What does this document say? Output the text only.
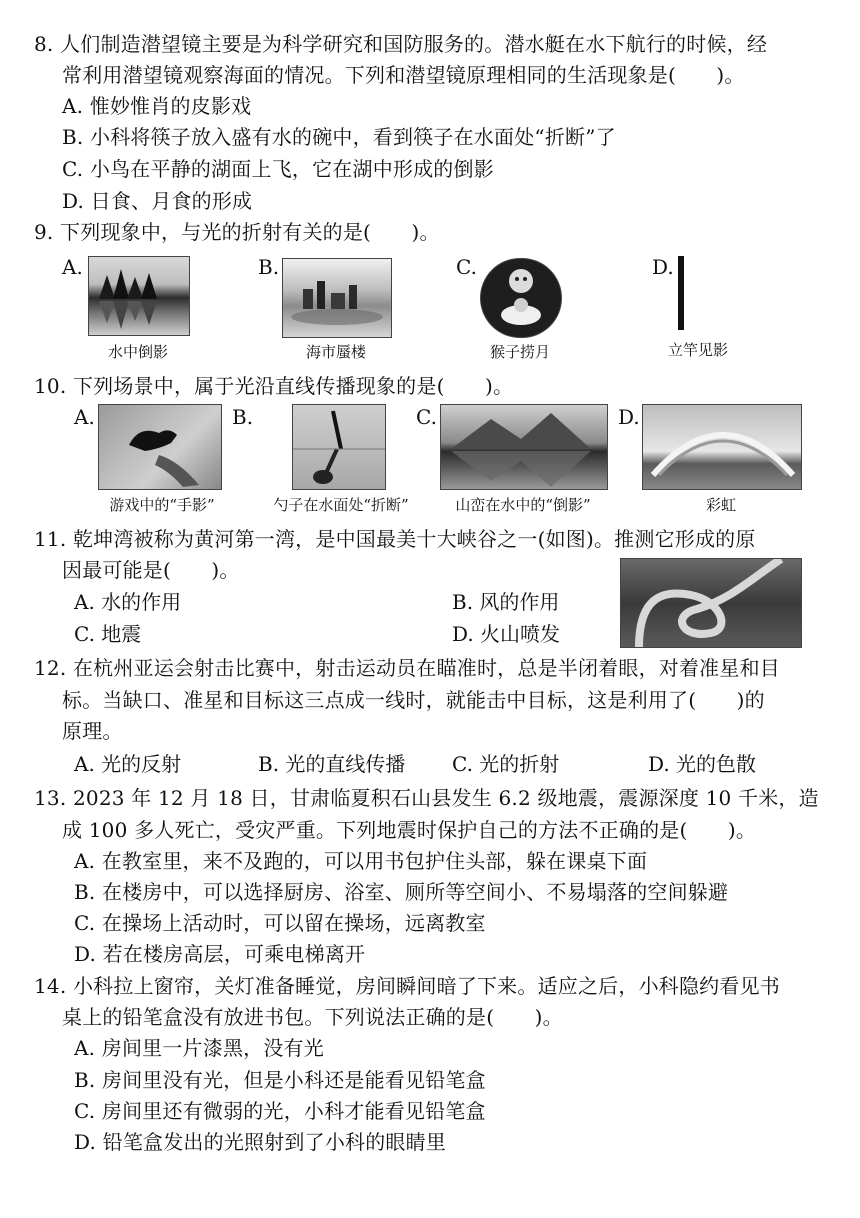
8. 人们制造潜望镜主要是为科学研究和国防服务的。潜水艇在水下航行的时候，经
常利用潜望镜观察海面的情况。下列和潜望镜原理相同的生活现象是(　　)。
A. 惟妙惟肖的皮影戏
B. 小科将筷子放入盛有水的碗中，看到筷子在水面处“折断”了
C. 小鸟在平静的湖面上飞，它在湖中形成的倒影
D. 日食、月食的形成
9. 下列现象中，与光的折射有关的是(　　)。
A.
水中倒影
B.
海市蜃楼
C.
猴子捞月
D.
立竿见影
10. 下列场景中，属于光沿直线传播现象的是(　　)。
A.
游戏中的“手影”
B.
勺子在水面处“折断”
C.
山峦在水中的“倒影”
D.
彩虹
11. 乾坤湾被称为黄河第一湾，是中国最美十大峡谷之一(如图)。推测它形成的原
因最可能是(　　)。
A. 水的作用	B. 风的作用
C. 地震	D. 火山喷发
12. 在杭州亚运会射击比赛中，射击运动员在瞄准时，总是半闭着眼，对着准星和目
标。当缺口、准星和目标这三点成一线时，就能击中目标，这是利用了(　　)的
原理。
A. 光的反射	B. 光的直线传播 C. 光的折射	D. 光的色散
13. 2023 年 12 月 18 日，甘肃临夏积石山县发生 6.2 级地震，震源深度 10 千米，造
成 100 多人死亡，受灾严重。下列地震时保护自己的方法不正确的是(　　)。
A. 在教室里，来不及跑的，可以用书包护住头部，躲在课桌下面
B. 在楼房中，可以选择厨房、浴室、厕所等空间小、不易塌落的空间躲避
C. 在操场上活动时，可以留在操场，远离教室
D. 若在楼房高层，可乘电梯离开
14. 小科拉上窗帘，关灯准备睡觉，房间瞬间暗了下来。适应之后，小科隐约看见书
桌上的铅笔盒没有放进书包。下列说法正确的是(　　)。
A. 房间里一片漆黑，没有光
B. 房间里没有光，但是小科还是能看见铅笔盒
C. 房间里还有微弱的光，小科才能看见铅笔盒
D. 铅笔盒发出的光照射到了小科的眼睛里
